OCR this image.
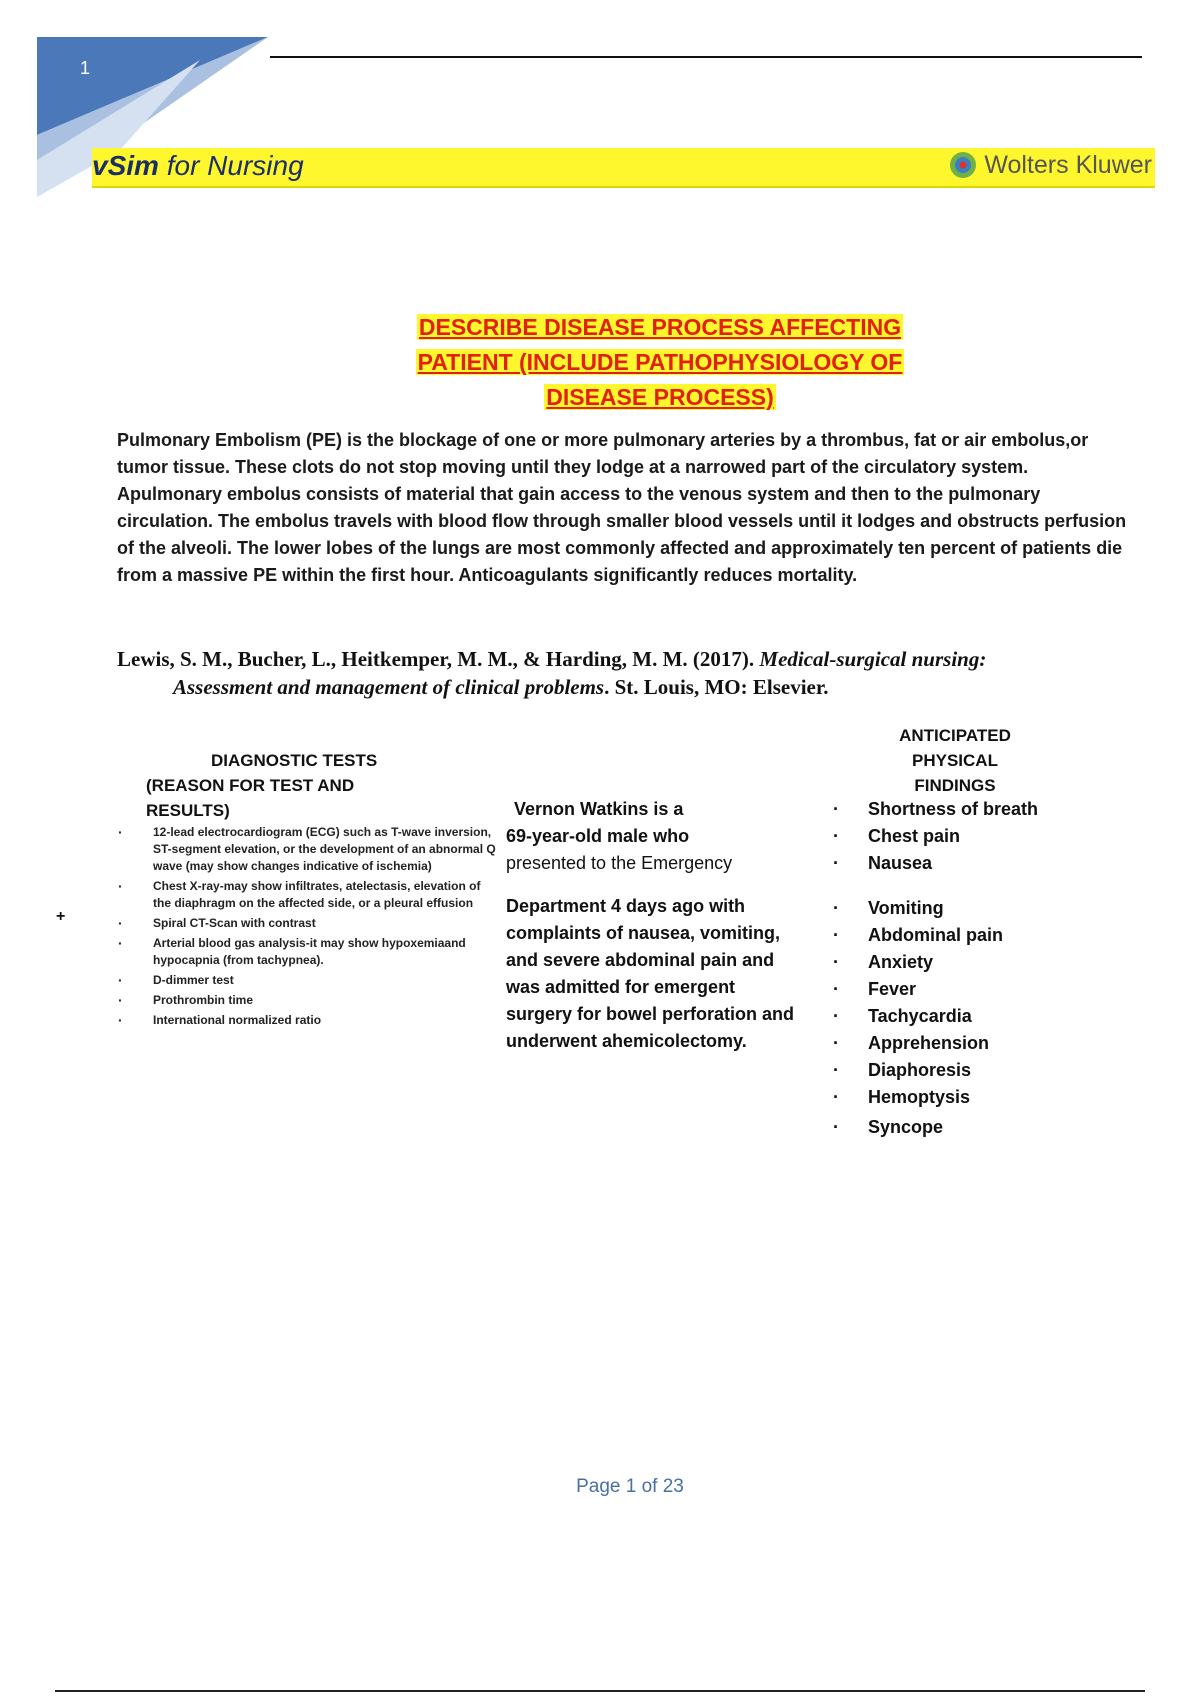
1
vSim for Nursing	Wolters Kluwer
DESCRIBE DISEASE PROCESS AFFECTING
PATIENT (INCLUDE PATHOPHYSIOLOGY OF
DISEASE PROCESS)
Pulmonary Embolism (PE) is the blockage of one or more pulmonary arteries by a thrombus, fat or air embolus,or tumor tissue. These clots do not stop moving until they lodge at a narrowed part of the circulatory system. Apulmonary embolus consists of material that gain access to the venous system and then to the pulmonary circulation. The embolus travels with blood flow through smaller blood vessels until it lodges and obstructs perfusion of the alveoli. The lower lobes of the lungs are most commonly affected and approximately ten percent of patients die from a massive PE within the first hour. Anticoagulants significantly reduces mortality.
Lewis, S. M., Bucher, L., Heitkemper, M. M., & Harding, M. M. (2017). Medical-surgical nursing:
Assessment and management of clinical problems. St. Louis, MO: Elsevier.
DIAGNOSTIC TESTS
(REASON FOR TEST AND
RESULTS)
· 12-lead electrocardiogram (ECG) such as T-wave inversion, ST-segment elevation, or the development of an abnormal Q wave (may show changes indicative of ischemia)
· Chest X-ray-may show infiltrates, atelectasis, elevation of the diaphragm on the affected side, or a pleural effusion
· Spiral CT-Scan with contrast
· Arterial blood gas analysis-it may show hypoxemiaand hypocapnia (from tachypnea).
· D-dimmer test
· Prothrombin time
· International normalized ratio
+
Vernon Watkins is a
69-year-old male who
presented to the Emergency
Department 4 days ago with complaints of nausea, vomiting, and severe abdominal pain and was admitted for emergent surgery for bowel perforation and underwent ahemicolectomy.
ANTICIPATED
PHYSICAL
FINDINGS
· Shortness of breath
· Chest pain
· Nausea
· Vomiting
· Abdominal pain
· Anxiety
· Fever
· Tachycardia
· Apprehension
· Diaphoresis
· Hemoptysis
· Syncope
Page 1 of 23
